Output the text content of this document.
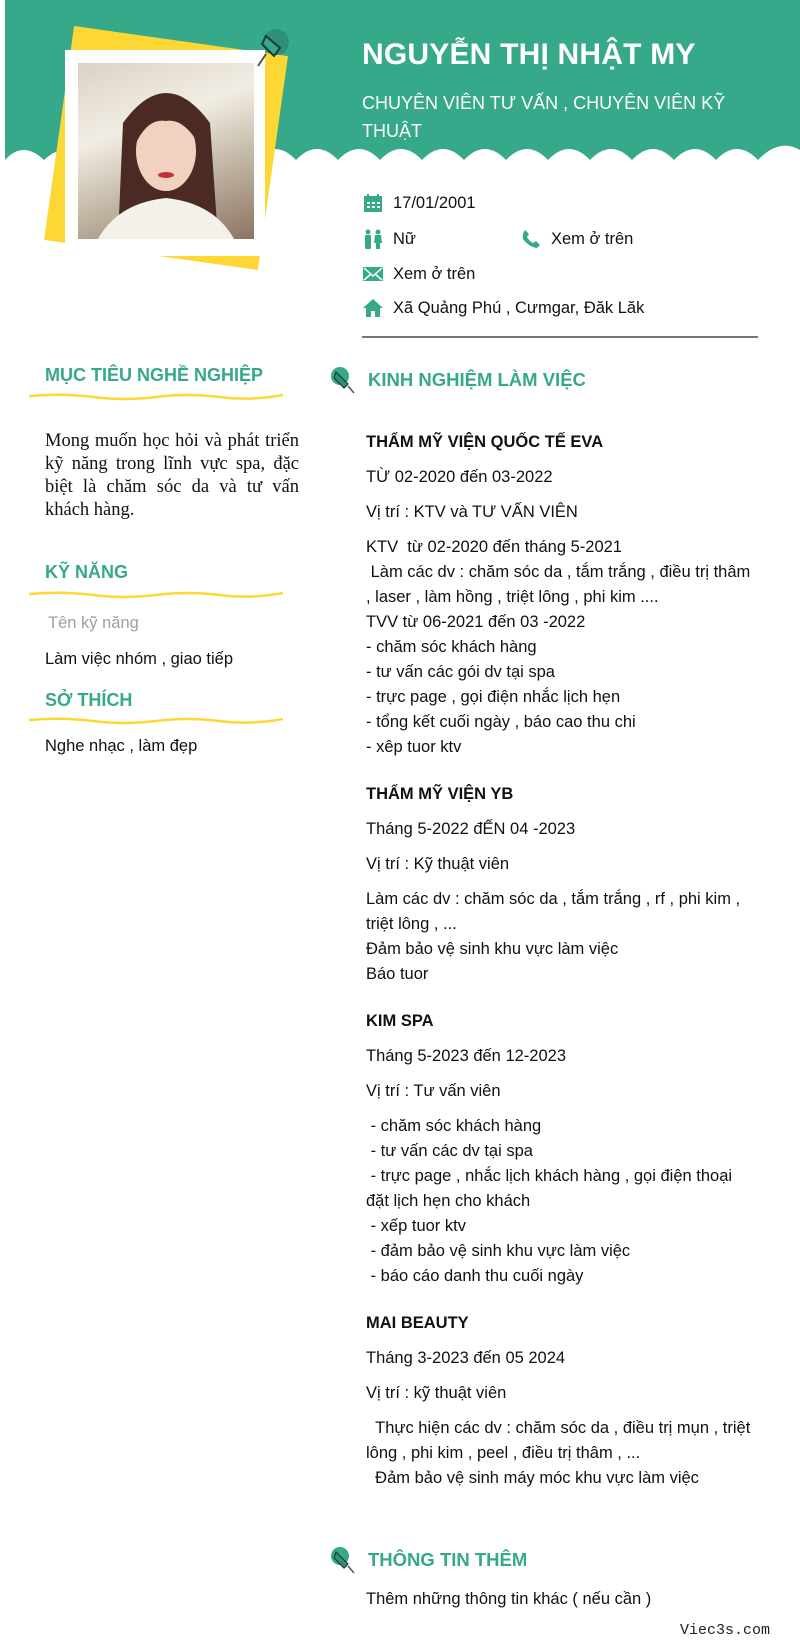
NGUYỄN THỊ NHẬT MY
CHUYÊN VIÊN TƯ VẤN , CHUYÊN VIÊN KỸ THUẬT
17/01/2001
Nữ	Xem ở trên
Xem ở trên
Xã Quảng Phú , Cưmgar, Đăk Lăk
MỤC TIÊU NGHỀ NGHIỆP
Mong muốn học hỏi và phát triển kỹ năng trong lĩnh vực spa, đặc biệt là chăm sóc da và tư vấn khách hàng.
KỸ NĂNG
Tên kỹ năng
Làm việc nhóm , giao tiếp
SỞ THÍCH
Nghe nhạc , làm đẹp
KINH NGHIỆM LÀM VIỆC
THẨM MỸ VIỆN QUỐC TẾ EVA
TỪ 02-2020 đến 03-2022
Vị trí : KTV và TƯ VẤN VIÊN
KTV  từ 02-2020 đến tháng 5-2021
Làm các dv : chăm sóc da , tắm trắng , điều trị thâm , laser , làm hồng , triệt lông , phi kim ....
TVV từ 06-2021 đến 03 -2022
- chăm sóc khách hàng
- tư vấn các gói dv tại spa
- trực page , gọi điện nhắc lịch hẹn
- tổng kết cuối ngày , báo cao thu chi
- xêp tuor ktv
THẨM MỸ VIỆN YB
Tháng 5-2022 đẾN 04 -2023
Vị trí : Kỹ thuật viên
Làm các dv : chăm sóc da , tắm trắng , rf , phi kim , triệt lông , ...
Đảm bảo vệ sinh khu vực làm việc
Báo tuor
KIM SPA
Tháng 5-2023 đến 12-2023
Vị trí : Tư vấn viên
- chăm sóc khách hàng
- tư vấn các dv tại spa
- trực page , nhắc lịch khách hàng , gọi điện thoại đặt lịch hẹn cho khách
- xếp tuor ktv
- đảm bảo vệ sinh khu vực làm việc
- báo cáo danh thu cuối ngày
MAI BEAUTY
Tháng 3-2023 đến 05 2024
Vị trí : kỹ thuật viên
Thực hiện các dv : chăm sóc da , điều trị mụn , triệt lông , phi kim , peel , điều trị thâm , ...
Đảm bảo vệ sinh máy móc khu vực làm việc
THÔNG TIN THÊM
Thêm những thông tin khác ( nếu cần )
Viec3s.com
